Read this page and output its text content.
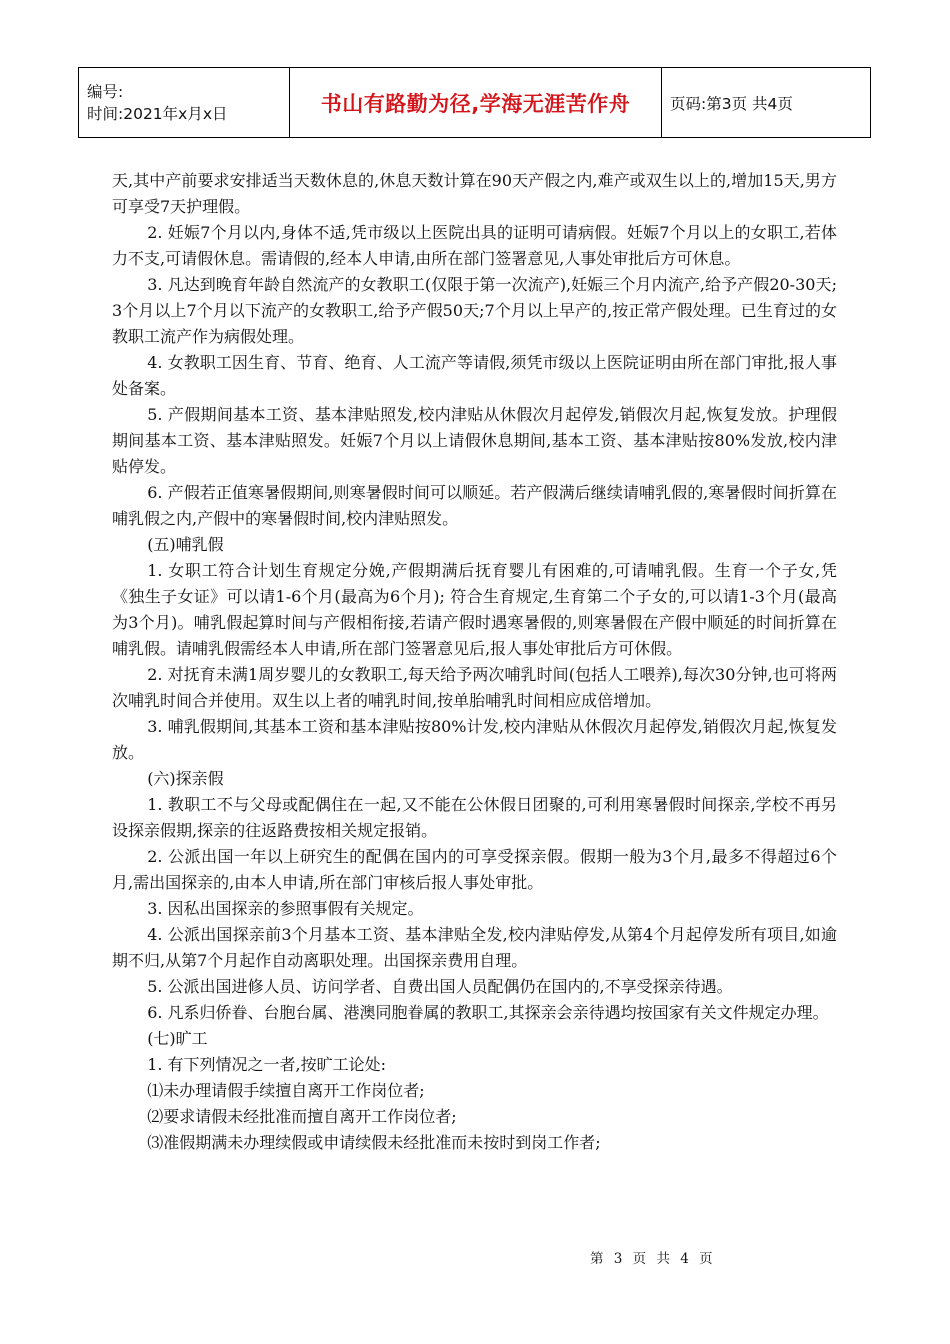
编号:
时间:2021年x月x日	书山有路勤为径,学海无涯苦作舟	页码:第3页 共4页

天,其中产前要求安排适当天数休息的,休息天数计算在90天产假之内,难产或双生以上的,增加15天,男方可享受7天护理假。

2. 妊娠7个月以内,身体不适,凭市级以上医院出具的证明可请病假。妊娠7个月以上的女职工,若体力不支,可请假休息。需请假的,经本人申请,由所在部门签署意见,人事处审批后方可休息。

3. 凡达到晚育年龄自然流产的女教职工(仅限于第一次流产),妊娠三个月内流产,给予产假20-30天; 3个月以上7个月以下流产的女教职工,给予产假50天;7个月以上早产的,按正常产假处理。已生育过的女教职工流产作为病假处理。

4. 女教职工因生育、节育、绝育、人工流产等请假,须凭市级以上医院证明由所在部门审批,报人事处备案。

5. 产假期间基本工资、基本津贴照发,校内津贴从休假次月起停发,销假次月起,恢复发放。护理假期间基本工资、基本津贴照发。妊娠7个月以上请假休息期间,基本工资、基本津贴按80%发放,校内津贴停发。

6. 产假若正值寒暑假期间,则寒暑假时间可以顺延。若产假满后继续请哺乳假的,寒暑假时间折算在哺乳假之内,产假中的寒暑假时间,校内津贴照发。

(五)哺乳假

1. 女职工符合计划生育规定分娩,产假期满后抚育婴儿有困难的,可请哺乳假。生育一个子女,凭《独生子女证》可以请1-6个月(最高为6个月); 符合生育规定,生育第二个子女的,可以请1-3个月(最高为3个月)。哺乳假起算时间与产假相衔接,若请产假时遇寒暑假的,则寒暑假在产假中顺延的时间折算在哺乳假。请哺乳假需经本人申请,所在部门签署意见后,报人事处审批后方可休假。

2. 对抚育未满1周岁婴儿的女教职工,每天给予两次哺乳时间(包括人工喂养),每次30分钟,也可将两次哺乳时间合并使用。双生以上者的哺乳时间,按单胎哺乳时间相应成倍增加。

3. 哺乳假期间,其基本工资和基本津贴按80%计发,校内津贴从休假次月起停发,销假次月起,恢复发放。

(六)探亲假

1. 教职工不与父母或配偶住在一起,又不能在公休假日团聚的,可利用寒暑假时间探亲,学校不再另设探亲假期,探亲的往返路费按相关规定报销。

2. 公派出国一年以上研究生的配偶在国内的可享受探亲假。假期一般为3个月,最多不得超过6个月,需出国探亲的,由本人申请,所在部门审核后报人事处审批。

3. 因私出国探亲的参照事假有关规定。

4. 公派出国探亲前3个月基本工资、基本津贴全发,校内津贴停发,从第4个月起停发所有项目,如逾期不归,从第7个月起作自动离职处理。出国探亲费用自理。

5. 公派出国进修人员、访问学者、自费出国人员配偶仍在国内的,不享受探亲待遇。

6. 凡系归侨眷、台胞台属、港澳同胞眷属的教职工,其探亲会亲待遇均按国家有关文件规定办理。

(七)旷工

1. 有下列情况之一者,按旷工论处:

⑴未办理请假手续擅自离开工作岗位者;

⑵要求请假未经批准而擅自离开工作岗位者;

⑶准假期满未办理续假或申请续假未经批准而未按时到岗工作者;

第 3 页 共 4 页
